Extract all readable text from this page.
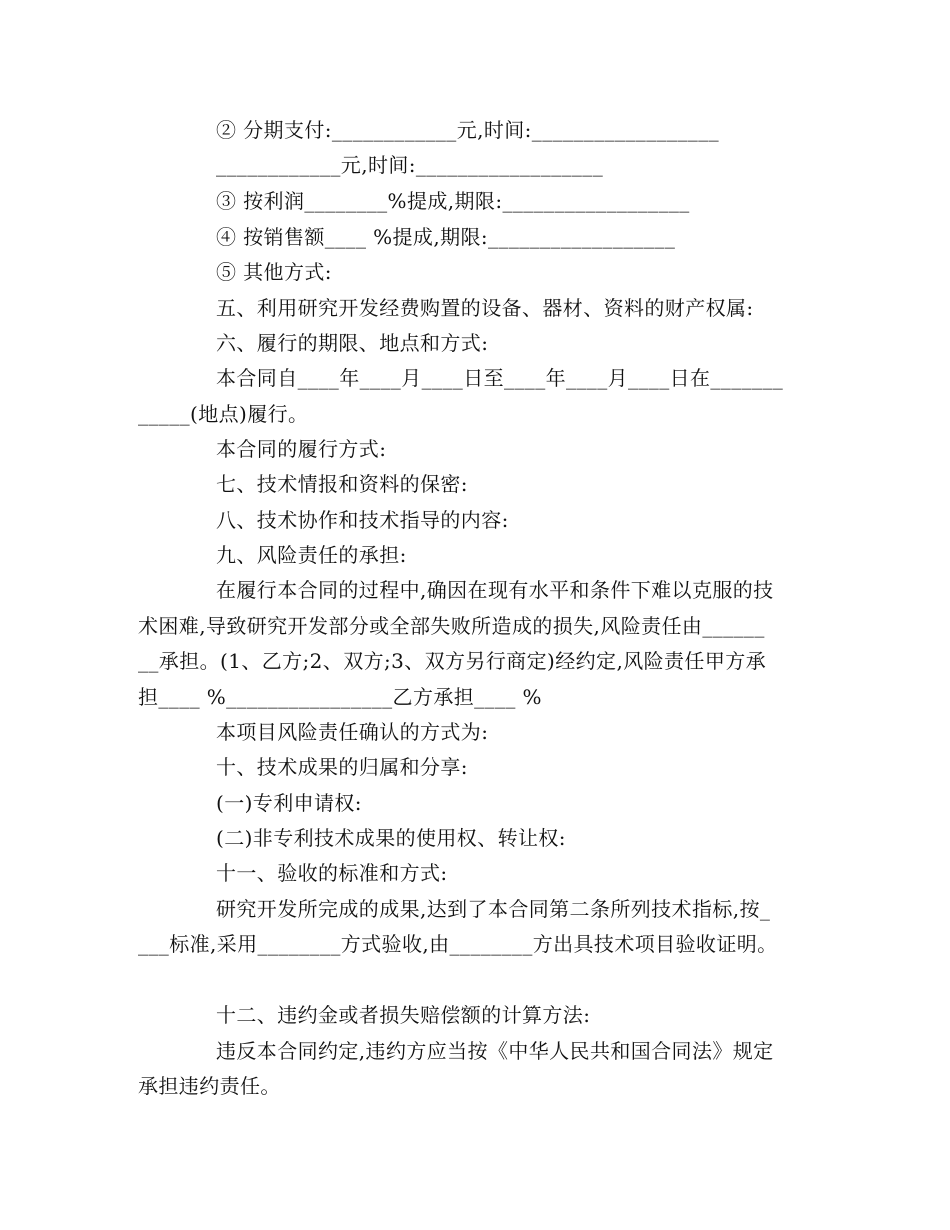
② 分期支付:____________元,时间:__________________
____________元,时间:__________________
③ 按利润________%提成,期限:__________________
④ 按销售额____ %提成,期限:__________________
⑤ 其他方式:
五、利用研究开发经费购置的设备、器材、资料的财产权属:
六、履行的期限、地点和方式:
本合同自____年____月____日至____年____月____日在_______
_____(地点)履行。
本合同的履行方式:
七、技术情报和资料的保密:
八、技术协作和技术指导的内容:
九、风险责任的承担:
在履行本合同的过程中,确因在现有水平和条件下难以克服的技
术困难,导致研究开发部分或全部失败所造成的损失,风险责任由______
__承担。(1、乙方;2、双方;3、双方另行商定)经约定,风险责任甲方承
担____ %________________乙方承担____ %
本项目风险责任确认的方式为:
十、技术成果的归属和分享:
(一)专利申请权:
(二)非专利技术成果的使用权、转让权:
十一、验收的标准和方式:
研究开发所完成的成果,达到了本合同第二条所列技术指标,按_
___标准,采用________方式验收,由________方出具技术项目验收证明。
十二、违约金或者损失赔偿额的计算方法:
违反本合同约定,违约方应当按《中华人民共和国合同法》规定
承担违约责任。
